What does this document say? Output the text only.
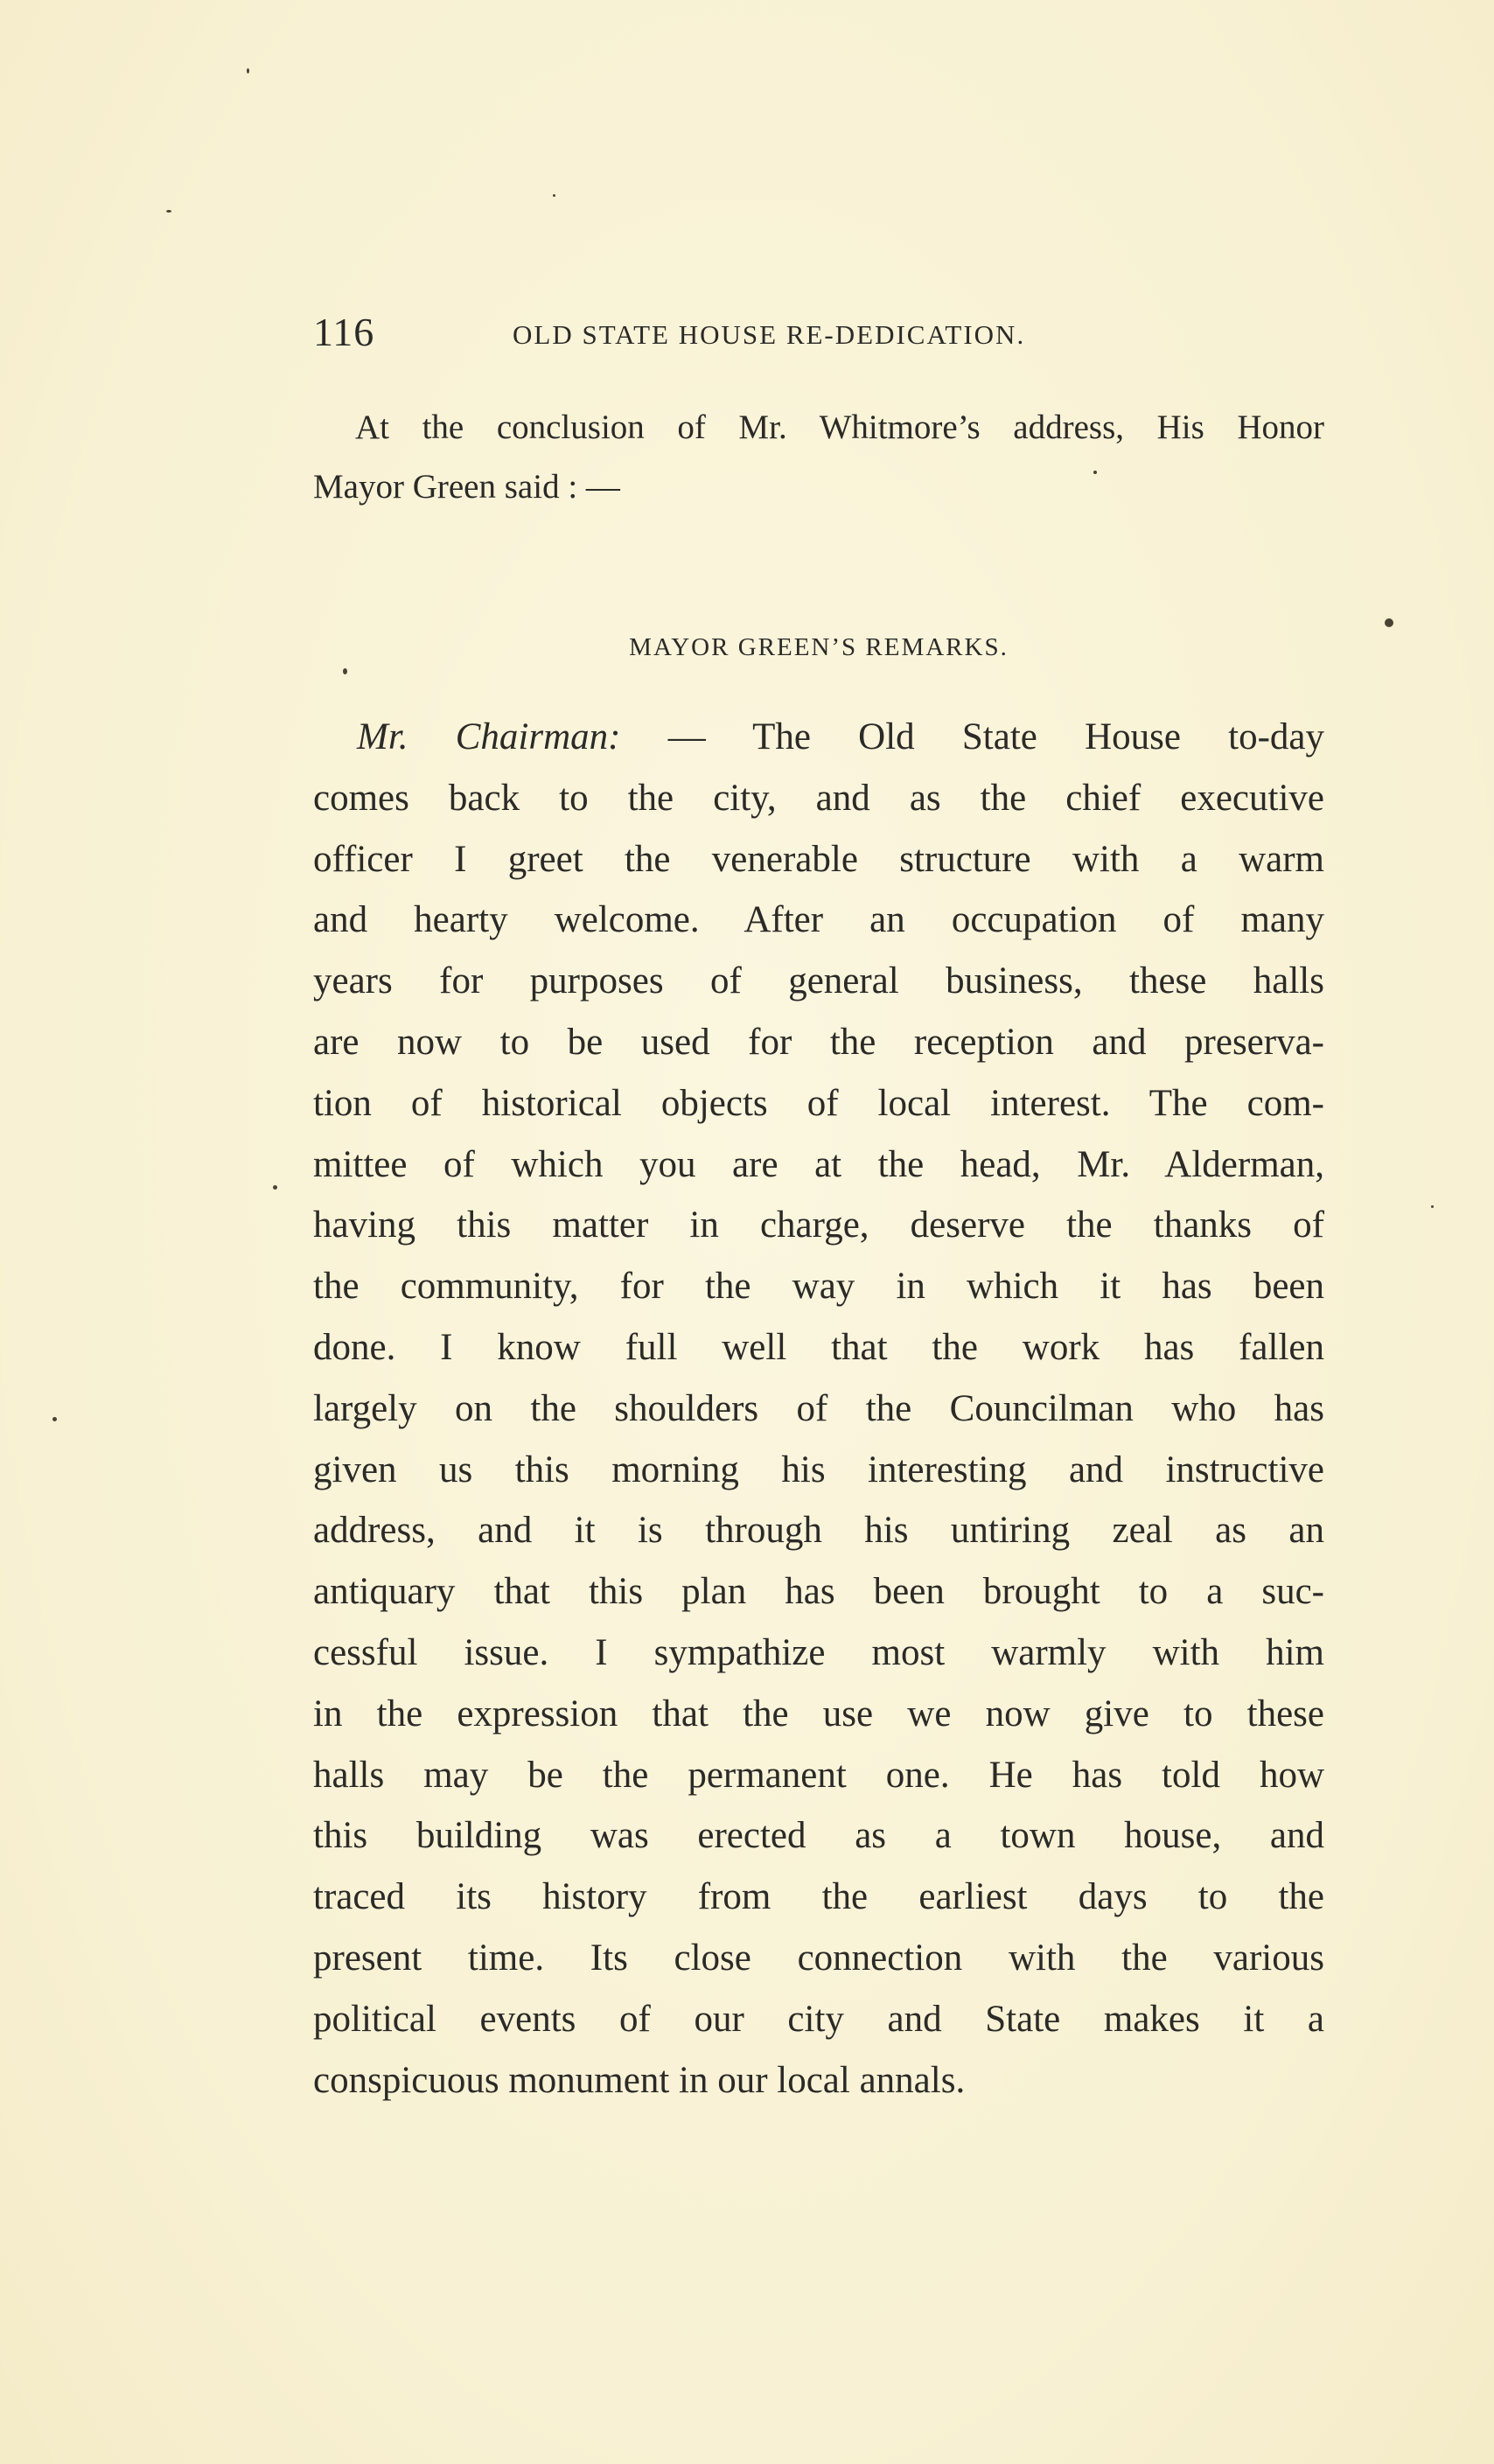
116	OLD STATE HOUSE RE-DEDICATION.
At the conclusion of Mr. Whitmore’s address, His Honor
Mayor Green said : —
MAYOR GREEN’S REMARKS.
Mr. Chairman: — The Old State House to-day
comes back to the city, and as the chief executive
officer I greet the venerable structure with a warm
and hearty welcome. After an occupation of many
years for purposes of general business, these halls
are now to be used for the reception and preserva-
tion of historical objects of local interest. The com-
mittee of which you are at the head, Mr. Alderman,
having this matter in charge, deserve the thanks of
the community, for the way in which it has been
done. I know full well that the work has fallen
largely on the shoulders of the Councilman who has
given us this morning his interesting and instructive
address, and it is through his untiring zeal as an
antiquary that this plan has been brought to a suc-
cessful issue. I sympathize most warmly with him
in the expression that the use we now give to these
halls may be the permanent one. He has told how
this building was erected as a town house, and
traced its history from the earliest days to the
present time. Its close connection with the various
political events of our city and State makes it a
conspicuous monument in our local annals.
